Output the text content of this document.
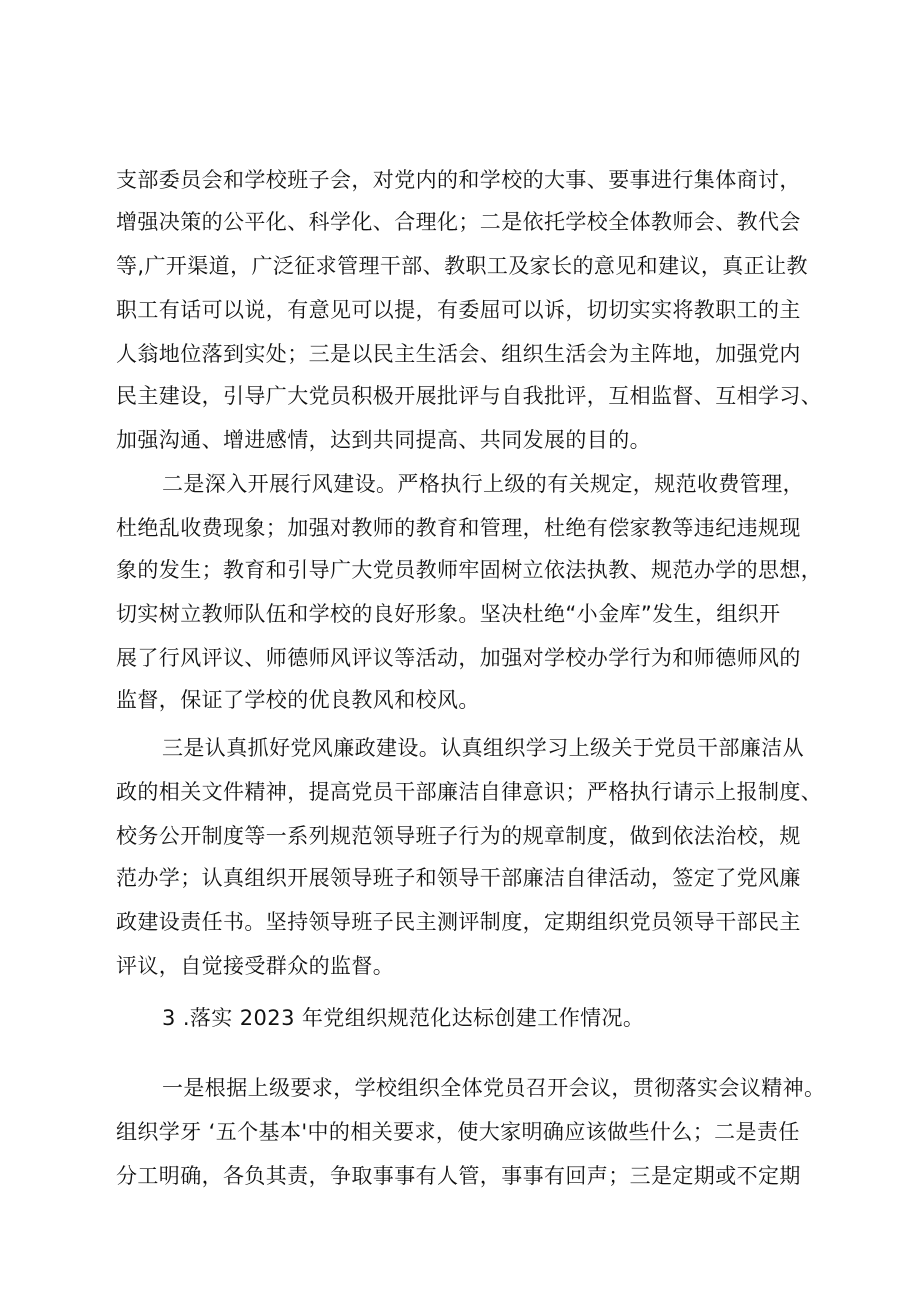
支部委员会和学校班子会，对党内的和学校的大事、要事进行集体商讨，
增强决策的公平化、科学化、合理化；二是依托学校全体教师会、教代会
等,广开渠道，广泛征求管理干部、教职工及家长的意见和建议，真正让教
职工有话可以说，有意见可以提，有委屈可以诉，切切实实将教职工的主
人翁地位落到实处；三是以民主生活会、组织生活会为主阵地，加强党内
民主建设，引导广大党员积极开展批评与自我批评，互相监督、互相学习、
加强沟通、增进感情，达到共同提高、共同发展的目的。
二是深入开展行风建设。严格执行上级的有关规定，规范收费管理，
杜绝乱收费现象；加强对教师的教育和管理，杜绝有偿家教等违纪违规现
象的发生；教育和引导广大党员教师牢固树立依法执教、规范办学的思想，
切实树立教师队伍和学校的良好形象。坚决杜绝“小金库”发生，组织开
展了行风评议、师德师风评议等活动，加强对学校办学行为和师德师风的
监督，保证了学校的优良教风和校风。
三是认真抓好党风廉政建设。认真组织学习上级关于党员干部廉洁从
政的相关文件精神，提高党员干部廉洁自律意识；严格执行请示上报制度、
校务公开制度等一系列规范领导班子行为的规章制度，做到依法治校，规
范办学；认真组织开展领导班子和领导干部廉洁自律活动，签定了党风廉
政建设责任书。坚持领导班子民主测评制度，定期组织党员领导干部民主
评议，自觉接受群众的监督。
3 .落实 2023 年党组织规范化达标创建工作情况。
一是根据上级要求，学校组织全体党员召开会议，贯彻落实会议精神。
组织学牙 ‘五个基本'中的相关要求，使大家明确应该做些什么；二是责任
分工明确，各负其责，争取事事有人管，事事有回声；三是定期或不定期
